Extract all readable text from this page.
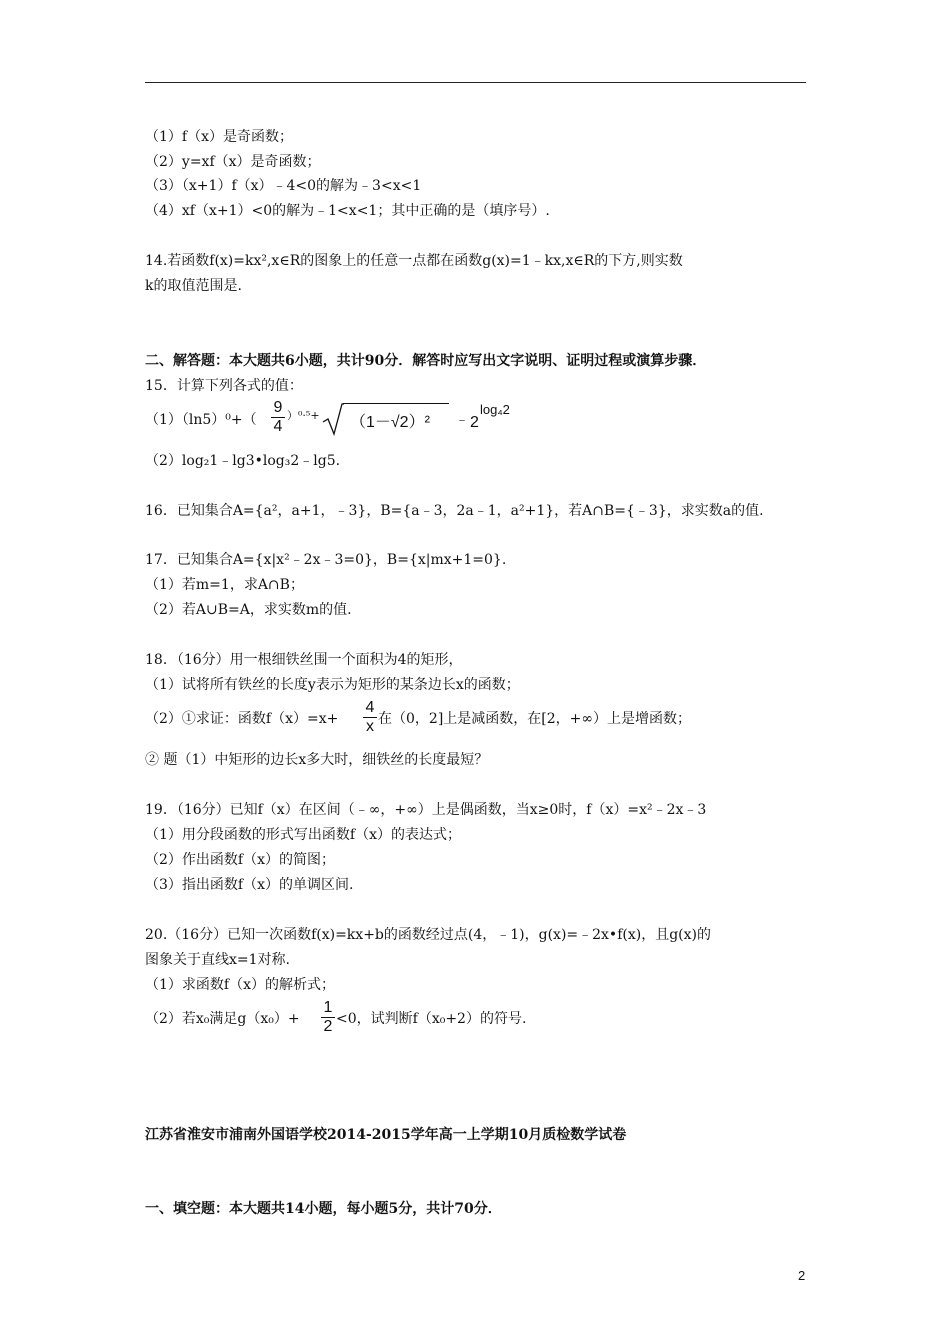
（1）f（x）是奇函数；
（2）y=xf（x）是奇函数；
（3）（x+1）f（x）﹣4<0的解为﹣3<x<1
（4）xf（x+1）<0的解为﹣1<x<1；其中正确的是（填序号）.
14.若函数f(x)=kx²,x∈R的图象上的任意一点都在函数g(x)=1﹣kx,x∈R的下方,则实数
k的取值范围是.
二、解答题：本大题共6小题，共计90分．解答时应写出文字说明、证明过程或演算步骤．
15．计算下列各式的值：
（1）（ln5）⁰+（
9
4
）⁰·⁵+ （1－√2）² ﹣ 2
log₄2
（2）log₂1﹣lg3•log₃2﹣lg5.
16．已知集合A={a²，a+1，﹣3}，B={a﹣3，2a﹣1，a²+1}，若A∩B={﹣3}，求实数a的值.
17．已知集合A={x|x²﹣2x﹣3=0}，B={x|mx+1=0}.
（1）若m=1，求A∩B；
（2）若A∪B=A，求实数m的值.
18．（16分）用一根细铁丝围一个面积为4的矩形，
（1）试将所有铁丝的长度y表示为矩形的某条边长x的函数；
（2）①求证：函数f（x）=x+
4
x 在（0，2]上是减函数，在[2，+∞）上是增函数；
② 题（1）中矩形的边长x多大时，细铁丝的长度最短？
19．（16分）已知f（x）在区间（﹣∞，+∞）上是偶函数，当x≥0时，f（x）=x²﹣2x﹣3
（1）用分段函数的形式写出函数f（x）的表达式；
（2）作出函数f（x）的简图；
（3）指出函数f（x）的单调区间.
20.（16分）已知一次函数f(x)=kx+b的函数经过点(4，﹣1)，g(x)=﹣2x•f(x)，且g(x)的
图象关于直线x=1对称.
（1）求函数f（x）的解析式；
（2）若x₀满足g（x₀）+
1
2 <0，试判断f（x₀+2）的符号.
江苏省淮安市浦南外国语学校2014-2015学年高一上学期10月质检数学试卷
一、填空题：本大题共14小题，每小题5分，共计70分．
2
